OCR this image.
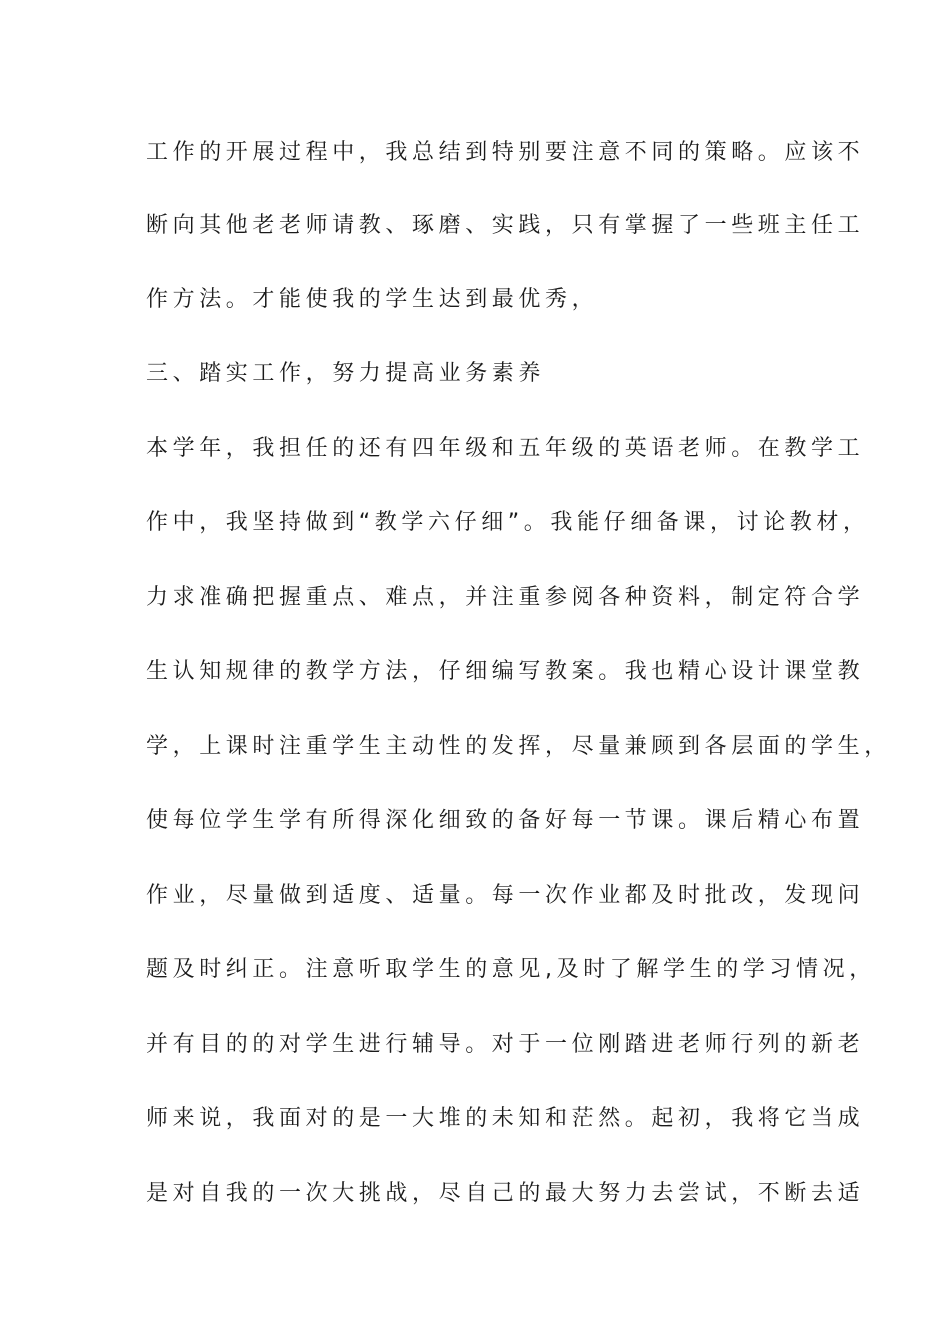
工作的开展过程中，我总结到特别要注意不同的策略。应该不
断向其他老老师请教、琢磨、实践，只有掌握了一些班主任工
作方法。才能使我的学生达到最优秀，
三、踏实工作，努力提高业务素养
本学年，我担任的还有四年级和五年级的英语老师。在教学工
作中，我坚持做到“教学六仔细”。我能仔细备课，讨论教材，
力求准确把握重点、难点，并注重参阅各种资料，制定符合学
生认知规律的教学方法，仔细编写教案。我也精心设计课堂教
学，上课时注重学生主动性的发挥，尽量兼顾到各层面的学生，
使每位学生学有所得深化细致的备好每一节课。课后精心布置
作业，尽量做到适度、适量。每一次作业都及时批改，发现问
题及时纠正。注意听取学生的意见,及时了解学生的学习情况，
并有目的的对学生进行辅导。对于一位刚踏进老师行列的新老
师来说，我面对的是一大堆的未知和茫然。起初，我将它当成
是对自我的一次大挑战，尽自己的最大努力去尝试，不断去适
